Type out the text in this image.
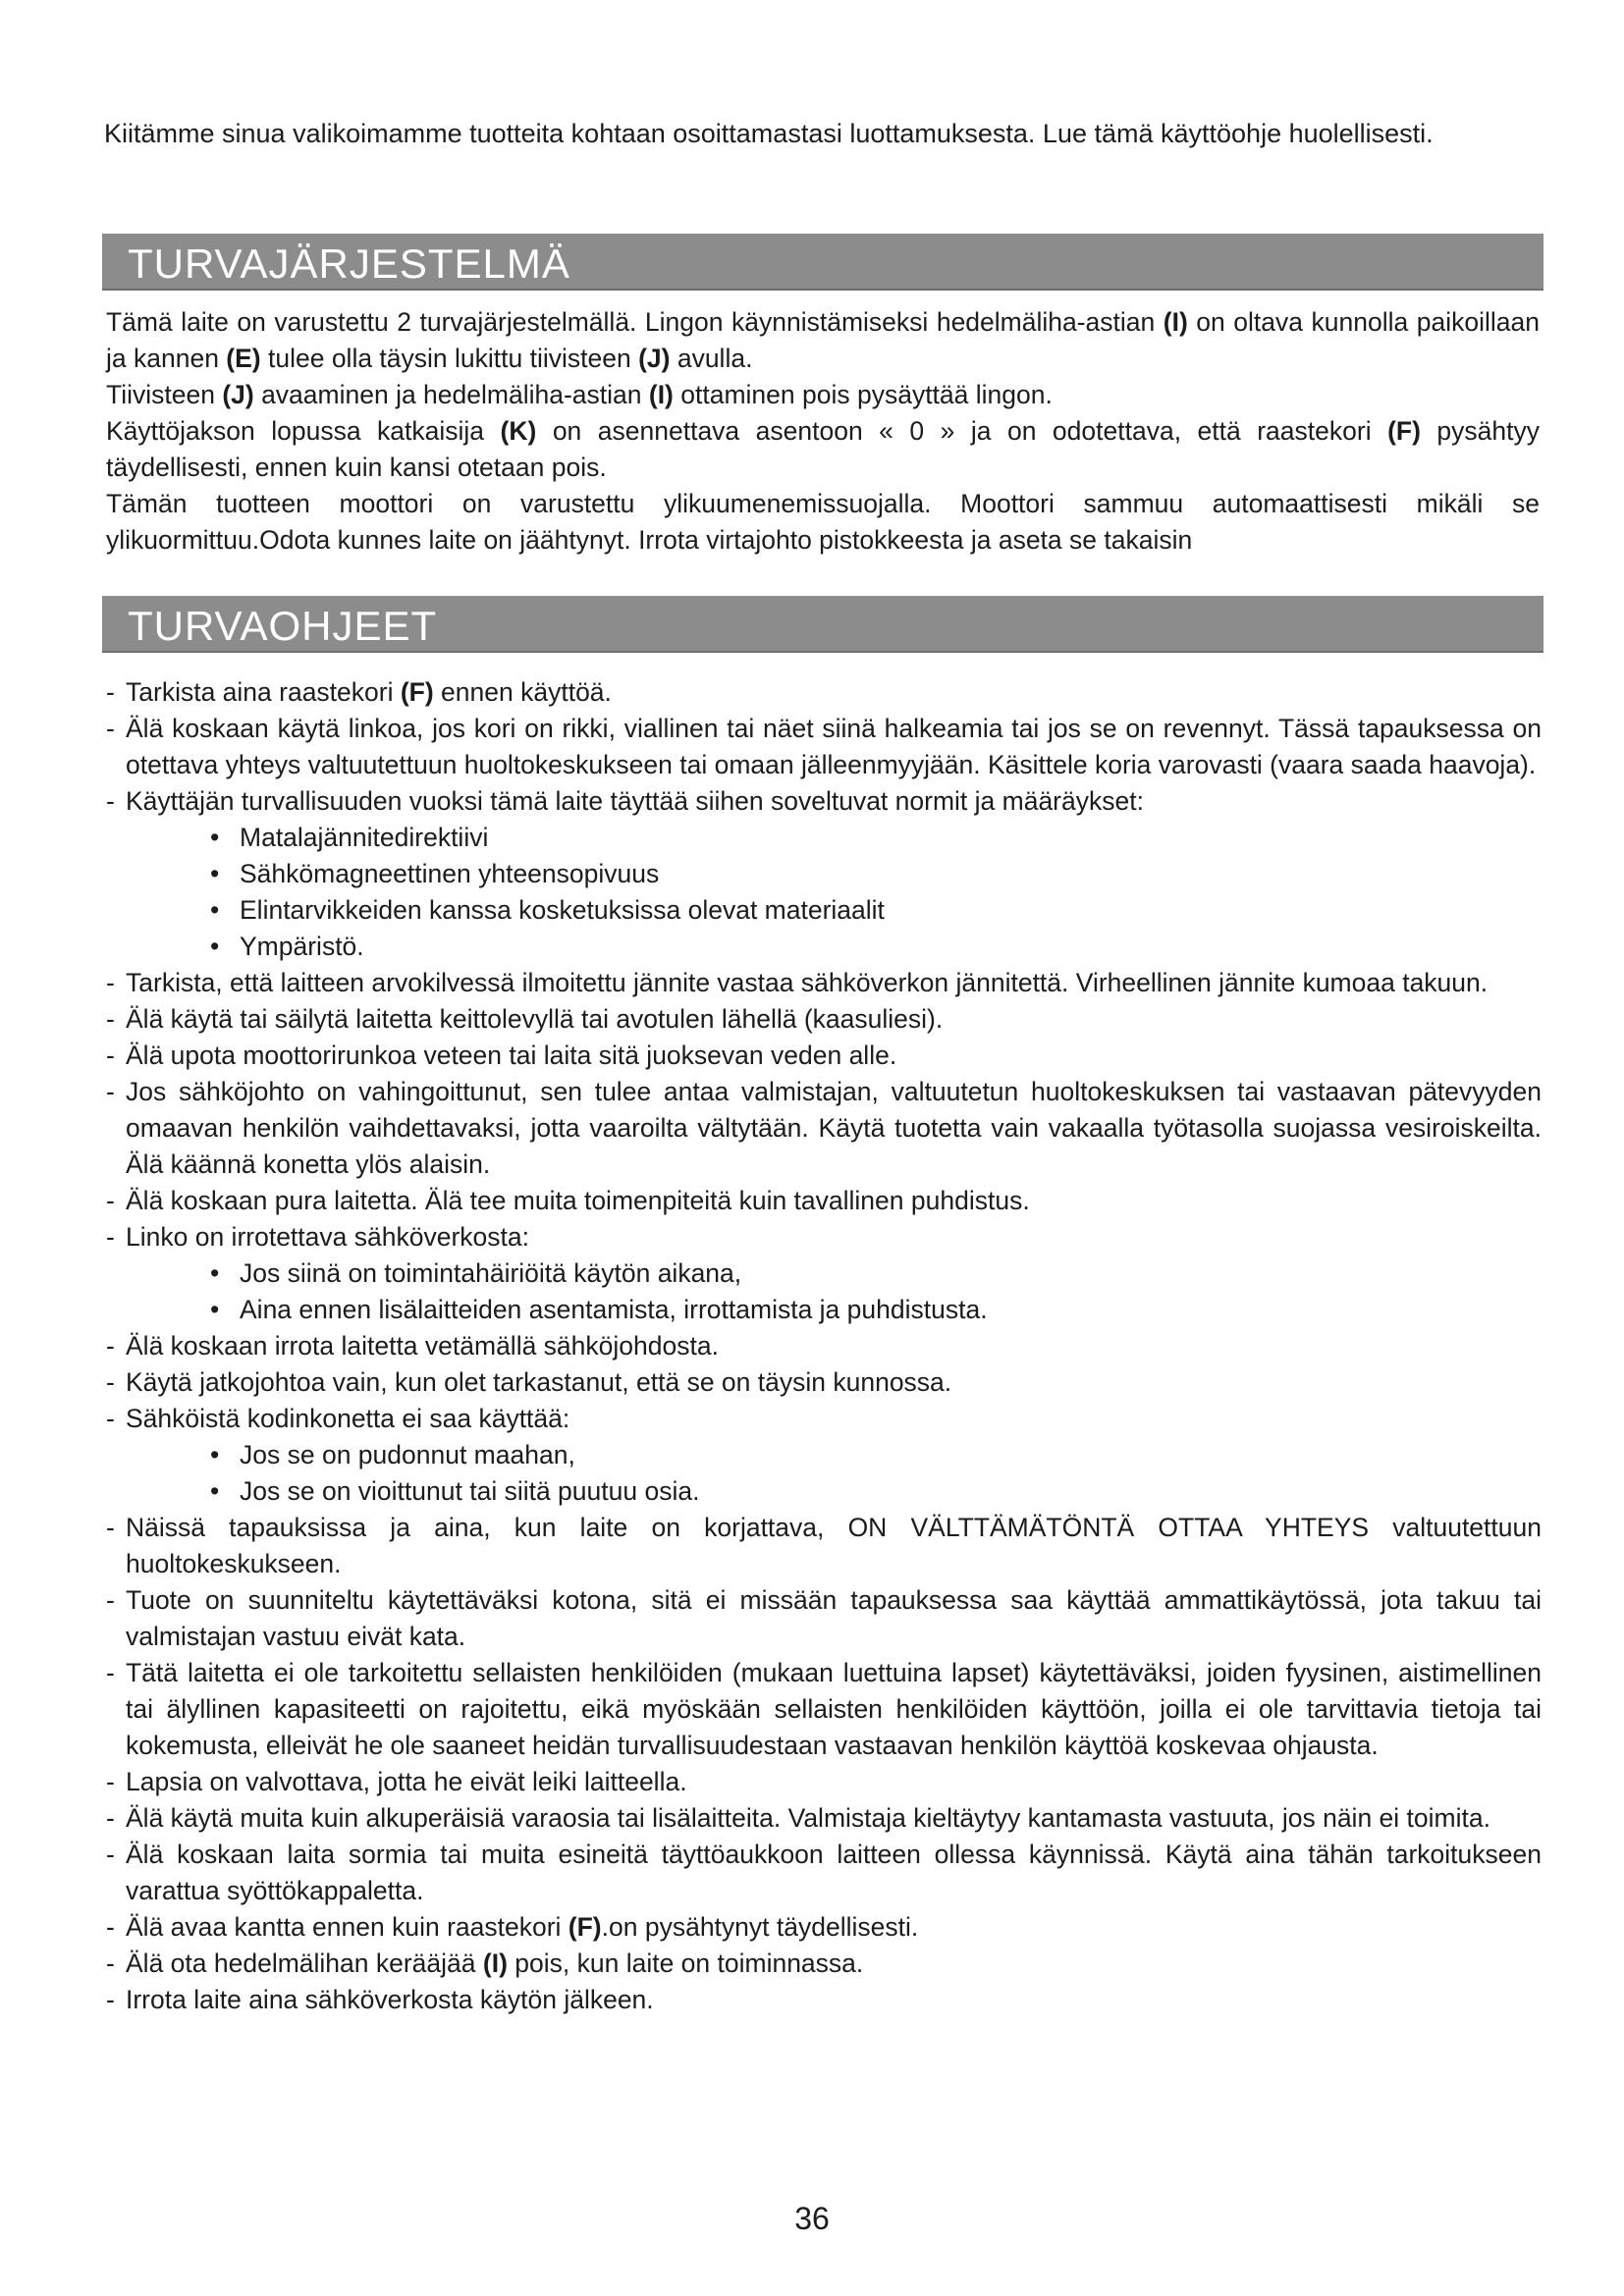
Kiitämme sinua valikoimamme tuotteita kohtaan osoittamastasi luottamuksesta. Lue tämä käyttöohje huolellisesti.
TURVAJÄRJESTELMÄ

Tämä laite on varustettu 2 turvajärjestelmällä. Lingon käynnistämiseksi hedelmäliha-astian (I) on oltava kunnolla paikoillaan ja kannen (E) tulee olla täysin lukittu tiivisteen (J) avulla.

Tiivisteen (J) avaaminen ja hedelmäliha-astian (I) ottaminen pois pysäyttää lingon.

Käyttöjakson lopussa katkaisija (K) on asennettava asentoon « 0 » ja on odotettava, että raastekori (F) pysähtyy täydellisesti, ennen kuin kansi otetaan pois.

Tämän tuotteen moottori on varustettu ylikuumenemissuojalla. Moottori sammuu automaattisesti mikäli se ylikuormittuu.Odota kunnes laite on jäähtynyt. Irrota virtajohto pistokkeesta ja aseta se takaisin

TURVAOHJEET
- Tarkista aina raastekori (F) ennen käyttöä.
- Älä koskaan käytä linkoa, jos kori on rikki, viallinen tai näet siinä halkeamia tai jos se on revennyt. Tässä tapauksessa on otettava yhteys valtuutettuun huoltokeskukseen tai omaan jälleenmyyjään. Käsittele koria varovasti (vaara saada haavoja).
- Käyttäjän turvallisuuden vuoksi tämä laite täyttää siihen soveltuvat normit ja määräykset:
• Matalajännitedirektiivi
• Sähkömagneettinen yhteensopivuus
• Elintarvikkeiden kanssa kosketuksissa olevat materiaalit
• Ympäristö.
- Tarkista, että laitteen arvokilvessä ilmoitettu jännite vastaa sähköverkon jännitettä. Virheellinen jännite kumoaa takuun.
- Älä käytä tai säilytä laitetta keittolevyllä tai avotulen lähellä (kaasuliesi).
- Älä upota moottorirunkoa veteen tai laita sitä juoksevan veden alle.
- Jos sähköjohto on vahingoittunut, sen tulee antaa valmistajan, valtuutetun huoltokeskuksen tai vastaavan pätevyyden omaavan henkilön vaihdettavaksi, jotta vaaroilta vältytään. Käytä tuotetta vain vakaalla työtasolla suojassa vesiroiskeilta. Älä käännä konetta ylös alaisin.
- Älä koskaan pura laitetta. Älä tee muita toimenpiteitä kuin tavallinen puhdistus.
- Linko on irrotettava sähköverkosta:
• Jos siinä on toimintahäiriöitä käytön aikana,
• Aina ennen lisälaitteiden asentamista, irrottamista ja puhdistusta.
- Älä koskaan irrota laitetta vetämällä sähköjohdosta.
- Käytä jatkojohtoa vain, kun olet tarkastanut, että se on täysin kunnossa.
- Sähköistä kodinkonetta ei saa käyttää:
• Jos se on pudonnut maahan,
• Jos se on vioittunut tai siitä puutuu osia.
- Näissä tapauksissa ja aina, kun laite on korjattava, ON VÄLTTÄMÄTÖNTÄ OTTAA YHTEYS valtuutettuun huoltokeskukseen.
- Tuote on suunniteltu käytettäväksi kotona, sitä ei missään tapauksessa saa käyttää ammattikäytössä, jota takuu tai valmistajan vastuu eivät kata.
- Tätä laitetta ei ole tarkoitettu sellaisten henkilöiden (mukaan luettuina lapset) käytettäväksi, joiden fyysinen, aistimellinen tai älyllinen kapasiteetti on rajoitettu, eikä myöskään sellaisten henkilöiden käyttöön, joilla ei ole tarvittavia tietoja tai kokemusta, elleivät he ole saaneet heidän turvallisuudestaan vastaavan henkilön käyttöä koskevaa ohjausta.
- Lapsia on valvottava, jotta he eivät leiki laitteella.
- Älä käytä muita kuin alkuperäisiä varaosia tai lisälaitteita. Valmistaja kieltäytyy kantamasta vastuuta, jos näin ei toimita.
- Älä koskaan laita sormia tai muita esineitä täyttöaukkoon laitteen ollessa käynnissä. Käytä aina tähän tarkoitukseen varattua syöttökappaletta.
- Älä avaa kantta ennen kuin raastekori (F).on pysähtynyt täydellisesti.
- Älä ota hedelmälihan kerääjää (I) pois, kun laite on toiminnassa.
- Irrota laite aina sähköverkosta käytön jälkeen.
36
